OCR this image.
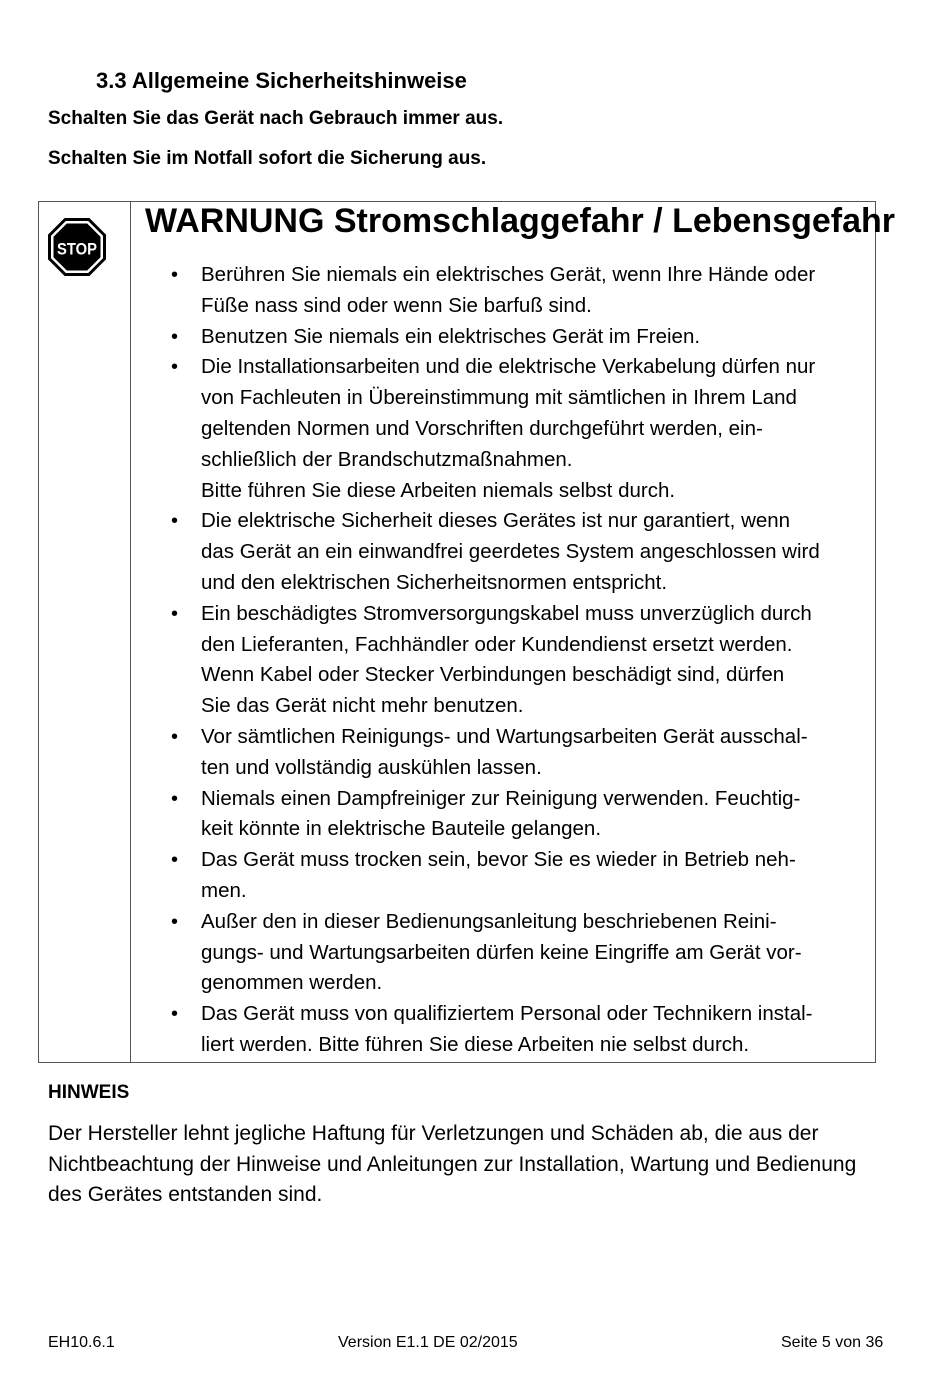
3.3 Allgemeine Sicherheitshinweise
Schalten Sie das Gerät nach Gebrauch immer aus.
Schalten Sie im Notfall sofort die Sicherung aus.
STOP
WARNUNG Stromschlaggefahr / Lebensgefahr
• Berühren Sie niemals ein elektrisches Gerät, wenn Ihre Hände oder
Füße nass sind oder wenn Sie barfuß sind.
• Benutzen Sie niemals ein elektrisches Gerät im Freien.
• Die Installationsarbeiten und die elektrische Verkabelung dürfen nur
von Fachleuten in Übereinstimmung mit sämtlichen in Ihrem Land
geltenden Normen und Vorschriften durchgeführt werden, ein-
schließlich der Brandschutzmaßnahmen.
Bitte führen Sie diese Arbeiten niemals selbst durch.
• Die elektrische Sicherheit dieses Gerätes ist nur garantiert, wenn
das Gerät an ein einwandfrei geerdetes System angeschlossen wird
und den elektrischen Sicherheitsnormen entspricht.
• Ein beschädigtes Stromversorgungskabel muss unverzüglich durch
den Lieferanten, Fachhändler oder Kundendienst ersetzt werden.
Wenn Kabel oder Stecker Verbindungen beschädigt sind, dürfen
Sie das Gerät nicht mehr benutzen.
• Vor sämtlichen Reinigungs- und Wartungsarbeiten Gerät ausschal-
ten und vollständig auskühlen lassen.
• Niemals einen Dampfreiniger zur Reinigung verwenden. Feuchtig-
keit könnte in elektrische Bauteile gelangen.
• Das Gerät muss trocken sein, bevor Sie es wieder in Betrieb neh-
men.
• Außer den in dieser Bedienungsanleitung beschriebenen Reini-
gungs- und Wartungsarbeiten dürfen keine Eingriffe am Gerät vor-
genommen werden.
• Das Gerät muss von qualifiziertem Personal oder Technikern instal-
liert werden. Bitte führen Sie diese Arbeiten nie selbst durch.
HINWEIS
Der Hersteller lehnt jegliche Haftung für Verletzungen und Schäden ab, die aus der
Nichtbeachtung der Hinweise und Anleitungen zur Installation, Wartung und Bedienung
des Gerätes entstanden sind.
EH10.6.1	Version E1.1 DE 02/2015	Seite 5 von 36
